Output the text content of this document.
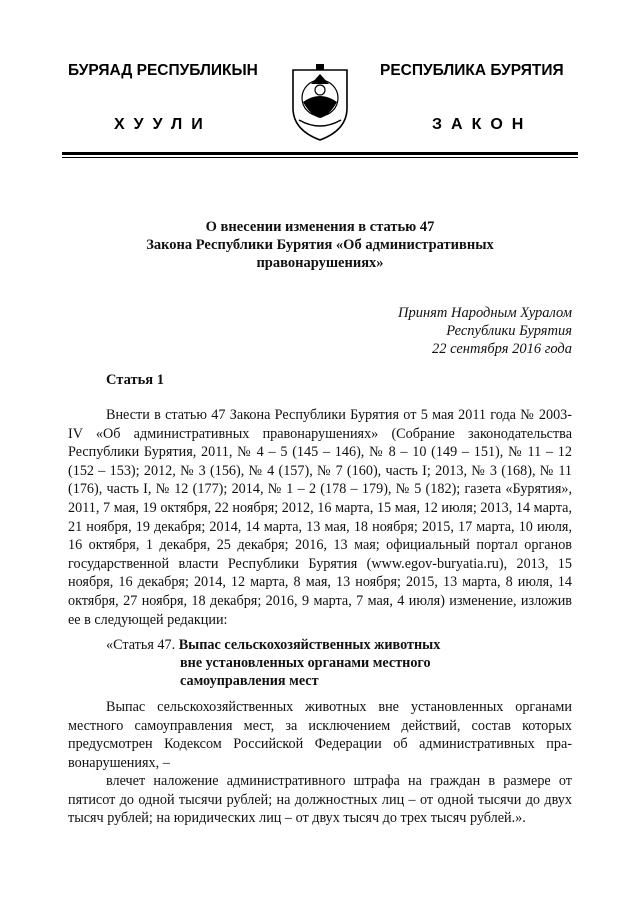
БУРЯАД РЕСПУБЛИКЫН	РЕСПУБЛИКА БУРЯТИЯ
ХУУЛИ	ЗАКОН
О внесении изменения в статью 47
Закона Республики Бурятия «Об административных
правонарушениях»
Принят Народным Хуралом
Республики Бурятия
22 сентября 2016 года
Статья 1

Внести в статью 47 Закона Республики Бурятия от 5 мая 2011 года № 2003-IV «Об административных правонарушениях» (Собрание законодательства Республики Бурятия, 2011, № 4 – 5 (145 – 146), № 8 – 10 (149 – 151), № 11 – 12 (152 – 153); 2012, № 3 (156), № 4 (157), № 7 (160), часть I; 2013, № 3 (168), № 11 (176), часть I, № 12 (177); 2014, № 1 – 2 (178 – 179), № 5 (182); газета «Бурятия», 2011, 7 мая, 19 октября, 22 ноября; 2012, 16 марта, 15 мая, 12 июля; 2013, 14 марта, 21 ноября, 19 декабря; 2014, 14 марта, 13 мая, 18 ноября; 2015, 17 марта, 10 июля, 16 октября, 1 декабря, 25 декабря; 2016, 13 мая; официальный портал органов государственной власти Республики Бурятия (www.egov-buryatia.ru), 2013, 15 ноября, 16 декабря; 2014, 12 марта, 8 мая, 13 ноября; 2015, 13 марта, 8 июля, 14 октября, 27 ноября, 18 декабря; 2016, 9 марта, 7 мая, 4 июля) изменение, изложив ее в следующей редакции:

«Статья 47. Выпас сельскохозяйственных животных
вне установленных органами местного
самоуправления мест

Выпас сельскохозяйственных животных вне установленных органами местного самоуправления мест, за исключением действий, состав которых предусмотрен Кодексом Российской Федерации об административных правонарушениях, –

влечет наложение административного штрафа на граждан в размере от пятисот до одной тысячи рублей; на должностных лиц – от одной тысячи до двух тысяч рублей; на юридических лиц – от двух тысяч до трех тысяч рублей.».
